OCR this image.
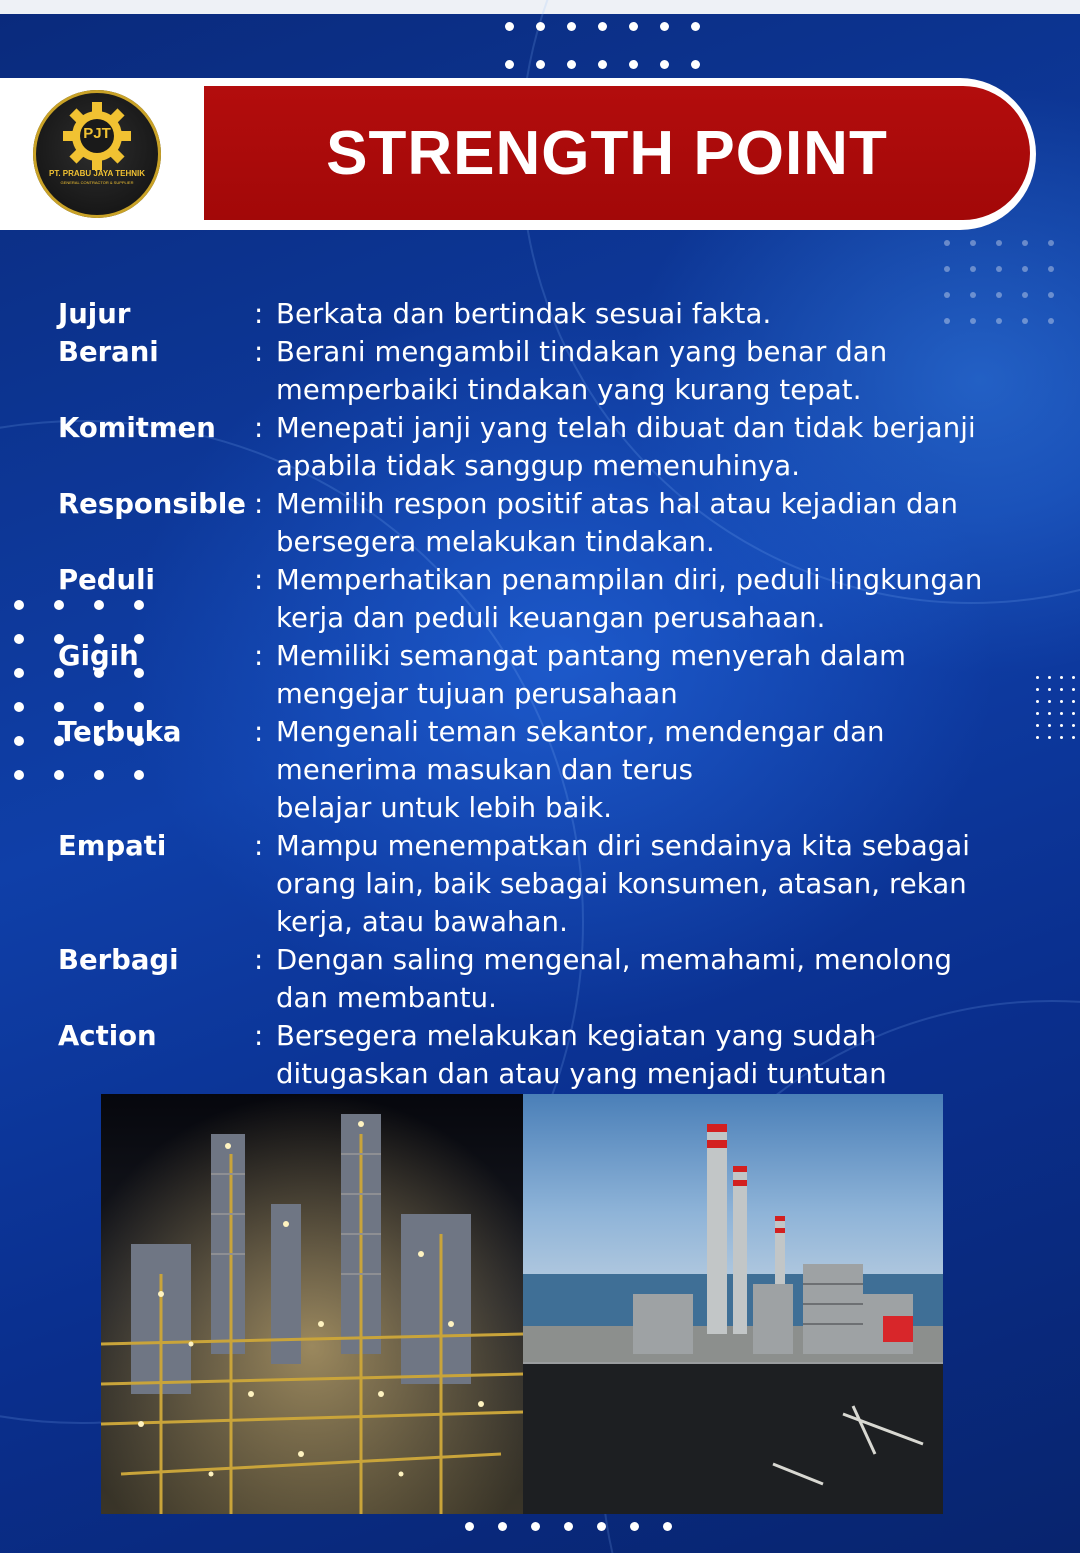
STRENGTH POINT
PJT
PT. PRABU JAYA TEHNIK
GENERAL CONTRACTOR & SUPPLIER
Jujur	: Berkata dan bertindak sesuai fakta.
Berani	: Berani mengambil tindakan yang benar dan
memperbaiki tindakan yang kurang tepat.
Komitmen	: Menepati janji yang telah dibuat dan tidak berjanji
apabila tidak sanggup memenuhinya.
Responsible : Memilih respon positif atas hal atau kejadian dan
bersegera melakukan tindakan.
Peduli	: Memperhatikan penampilan diri, peduli lingkungan
kerja dan peduli keuangan perusahaan.
Gigih	: Memiliki semangat pantang menyerah dalam
mengejar tujuan perusahaan
Terbuka	: Mengenali teman sekantor, mendengar dan
menerima masukan dan terus
belajar untuk lebih baik.
Empati	: Mampu menempatkan diri sendainya kita sebagai
orang lain, baik sebagai konsumen, atasan, rekan
kerja, atau bawahan.
Berbagi	: Dengan saling mengenal, memahami, menolong
dan membantu.
Action	: Bersegera melakukan kegiatan yang sudah
ditugaskan dan atau yang menjadi tuntutan
